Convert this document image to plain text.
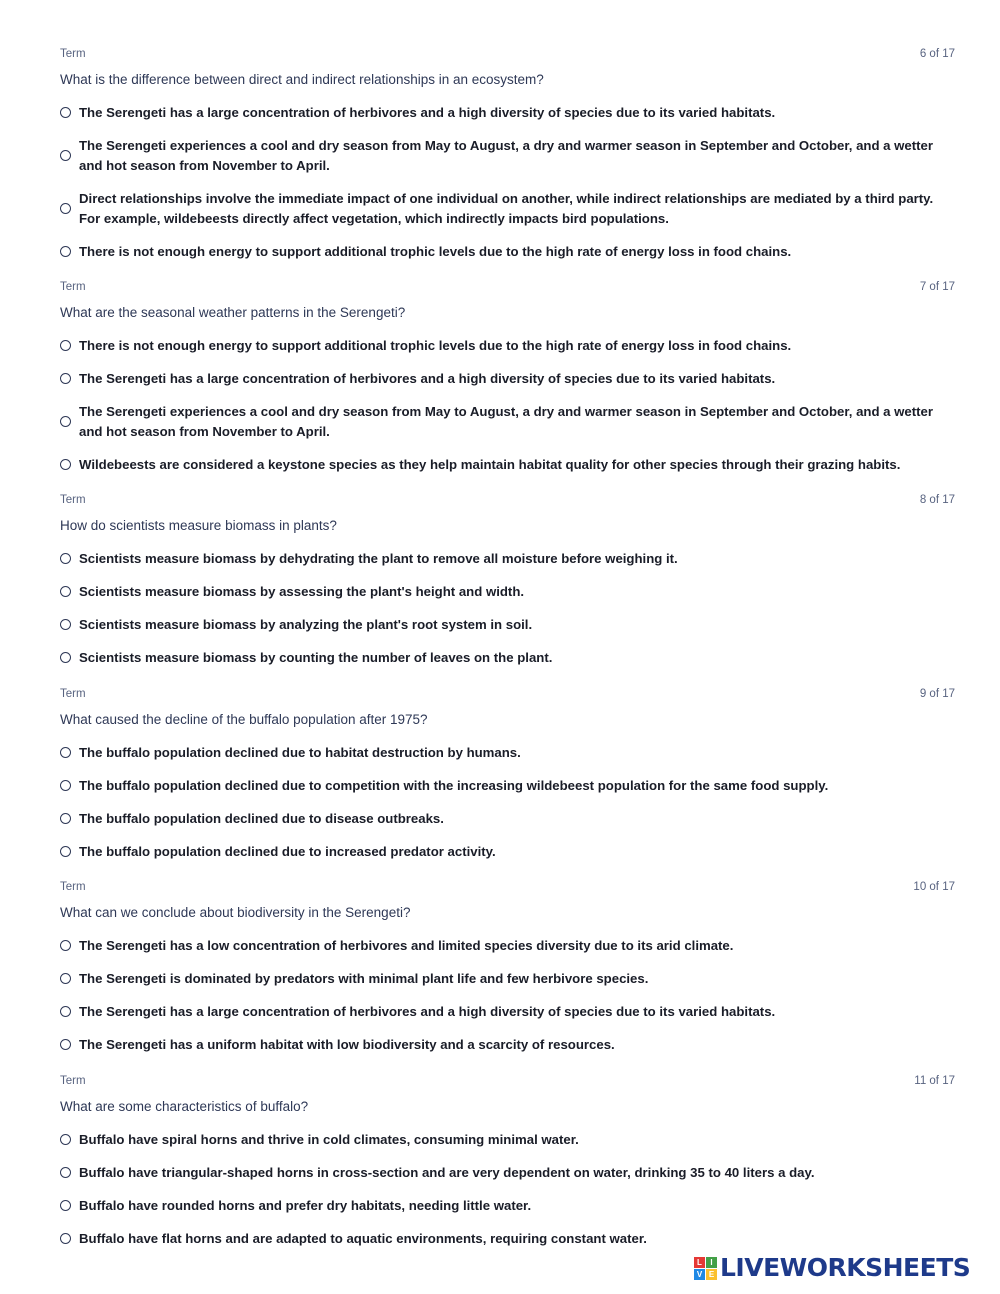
Term	6 of 17
What is the difference between direct and indirect relationships in an ecosystem?
The Serengeti has a large concentration of herbivores and a high diversity of species due to its varied habitats.
The Serengeti experiences a cool and dry season from May to August, a dry and warmer season in September and October, and a wetter and hot season from November to April.
Direct relationships involve the immediate impact of one individual on another, while indirect relationships are mediated by a third party. For example, wildebeests directly affect vegetation, which indirectly impacts bird populations.
There is not enough energy to support additional trophic levels due to the high rate of energy loss in food chains.
Term	7 of 17
What are the seasonal weather patterns in the Serengeti?
There is not enough energy to support additional trophic levels due to the high rate of energy loss in food chains.
The Serengeti has a large concentration of herbivores and a high diversity of species due to its varied habitats.
The Serengeti experiences a cool and dry season from May to August, a dry and warmer season in September and October, and a wetter and hot season from November to April.
Wildebeests are considered a keystone species as they help maintain habitat quality for other species through their grazing habits.
Term	8 of 17
How do scientists measure biomass in plants?
Scientists measure biomass by dehydrating the plant to remove all moisture before weighing it.
Scientists measure biomass by assessing the plant's height and width.
Scientists measure biomass by analyzing the plant's root system in soil.
Scientists measure biomass by counting the number of leaves on the plant.
Term	9 of 17
What caused the decline of the buffalo population after 1975?
The buffalo population declined due to habitat destruction by humans.
The buffalo population declined due to competition with the increasing wildebeest population for the same food supply.
The buffalo population declined due to disease outbreaks.
The buffalo population declined due to increased predator activity.
Term	10 of 17
What can we conclude about biodiversity in the Serengeti?
The Serengeti has a low concentration of herbivores and limited species diversity due to its arid climate.
The Serengeti is dominated by predators with minimal plant life and few herbivore species.
The Serengeti has a large concentration of herbivores and a high diversity of species due to its varied habitats.
The Serengeti has a uniform habitat with low biodiversity and a scarcity of resources.
Term	11 of 17
What are some characteristics of buffalo?
Buffalo have spiral horns and thrive in cold climates, consuming minimal water.
Buffalo have triangular-shaped horns in cross-section and are very dependent on water, drinking 35 to 40 liters a day.
Buffalo have rounded horns and prefer dry habitats, needing little water.
Buffalo have flat horns and are adapted to aquatic environments, requiring constant water.
L	I
V E LIVEWORKSHEETS
